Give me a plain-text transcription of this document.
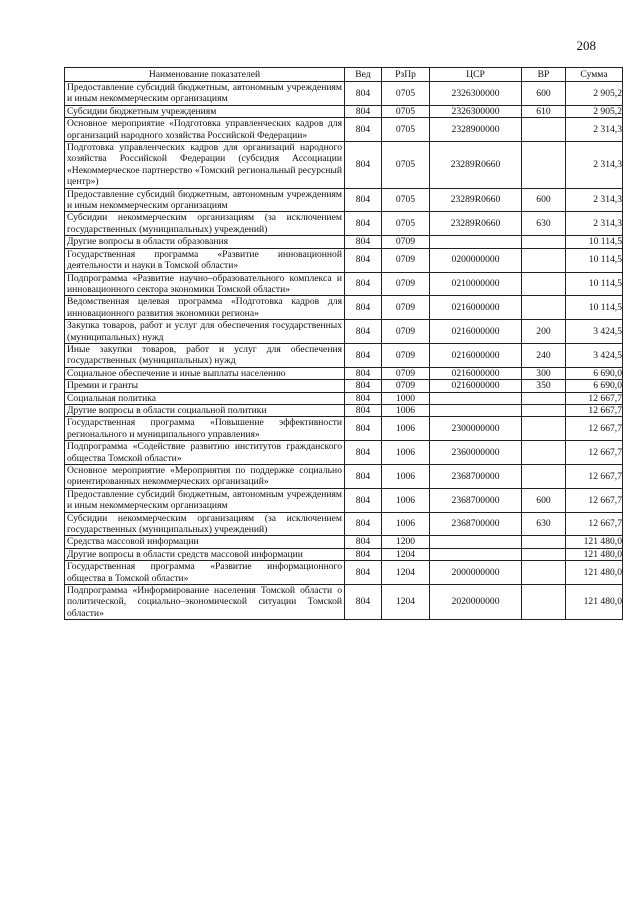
208
Наименование показателей	Вед	РзПр	ЦСР	ВР	Сумма
Предоставление субсидий бюджетным, автономным учреждениям и иным некоммерческим организациям	804	0705	2326300000	600	2 905,2
Субсидии бюджетным учреждениям	804	0705	2326300000	610	2 905,2
Основное мероприятие «Подготовка управленческих кадров для организаций народного хозяйства Российской Федерации»	804	0705	2328900000		2 314,3
Подготовка управленческих кадров для организаций народного хозяйства Российской Федерации (субсидия Ассоциации «Некоммерческое партнерство «Томский региональный ресурсный центр»)	804	0705	23289R0660		2 314,3
Предоставление субсидий бюджетным, автономным учреждениям и иным некоммерческим организациям	804	0705	23289R0660	600	2 314,3
Субсидии некоммерческим организациям (за исключением государственных (муниципальных) учреждений)	804	0705	23289R0660	630	2 314,3
Другие вопросы в области образования	804	0709			10 114,5
Государственная программа «Развитие инновационной деятельности и науки в Томской области»	804	0709	0200000000		10 114,5
Подпрограмма «Развитие научно–образовательного комплекса и инновационного сектора экономики Томской области»	804	0709	0210000000		10 114,5
Ведомственная целевая программа «Подготовка кадров для инновационного развития экономики региона»	804	0709	0216000000		10 114,5
Закупка товаров, работ и услуг для обеспечения государственных (муниципальных) нужд	804	0709	0216000000	200	3 424,5
Иные закупки товаров, работ и услуг для обеспечения государственных (муниципальных) нужд	804	0709	0216000000	240	3 424,5
Социальное обеспечение и иные выплаты населению	804	0709	0216000000	300	6 690,0
Премии и гранты	804	0709	0216000000	350	6 690,0
Социальная политика	804	1000			12 667,7
Другие вопросы в области социальной политики	804	1006			12 667,7
Государственная программа «Повышение эффективности регионального и муниципального управления»	804	1006	2300000000		12 667,7
Подпрограмма «Содействие развитию институтов гражданского общества Томской области»	804	1006	2360000000		12 667,7
Основное мероприятие «Мероприятия по поддержке социально ориентированных некоммерческих организаций»	804	1006	2368700000		12 667,7
Предоставление субсидий бюджетным, автономным учреждениям и иным некоммерческим организациям	804	1006	2368700000	600	12 667,7
Субсидии некоммерческим организациям (за исключением государственных (муниципальных) учреждений)	804	1006	2368700000	630	12 667,7
Средства массовой информации	804	1200			121 480,0
Другие вопросы в области средств массовой информации	804	1204			121 480,0
Государственная программа «Развитие информационного общества в Томской области»	804	1204	2000000000		121 480,0
Подпрограмма «Информирование населения Томской области о политической, социально–экономической ситуации Томской области»	804	1204	2020000000		121 480,0
